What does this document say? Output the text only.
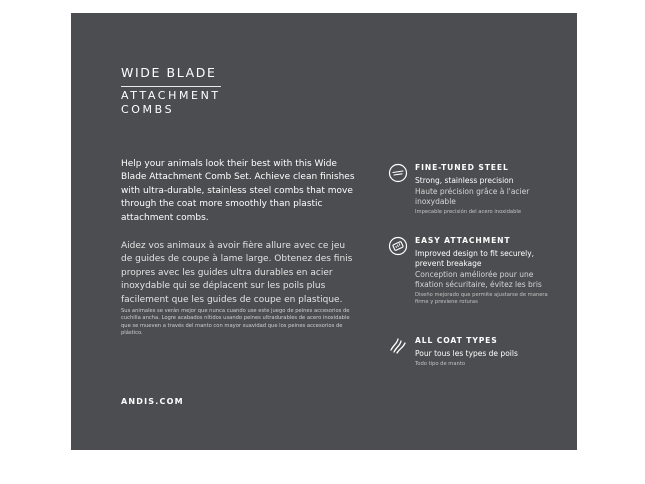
WIDE BLADE
ATTACHMENT
COMBS
Help your animals look their best with this Wide Blade Attachment Comb Set. Achieve clean finishes with ultra-durable, stainless steel combs that move through the coat more smoothly than plastic attachment combs.
Aidez vos animaux à avoir fière allure avec ce jeu de guides de coupe à lame large. Obtenez des finis propres avec les guides ultra durables en acier inoxydable qui se déplacent sur les poils plus facilement que les guides de coupe en plastique.
Sus animales se verán mejor que nunca cuando use este juego de peines accesorios de cuchilla ancha. Logre acabados nítidos usando peines ultradurables de acero inoxidable que se mueven a través del manto con mayor suavidad que los peines accesorios de plástico.
ANDIS.COM
FINE-TUNED STEEL
Strong, stainless precision
Haute précision grâce à l'acier inoxydable
Impecable precisión del acero inoxidable
EASY ATTACHMENT
Improved design to fit securely, prevent breakage
Conception améliorée pour une fixation sécuritaire, évitez les bris
Diseño mejorado que permite ajustarse de manera firme y previene roturas
ALL COAT TYPES
Pour tous les types de poils
Todo tipo de manto
